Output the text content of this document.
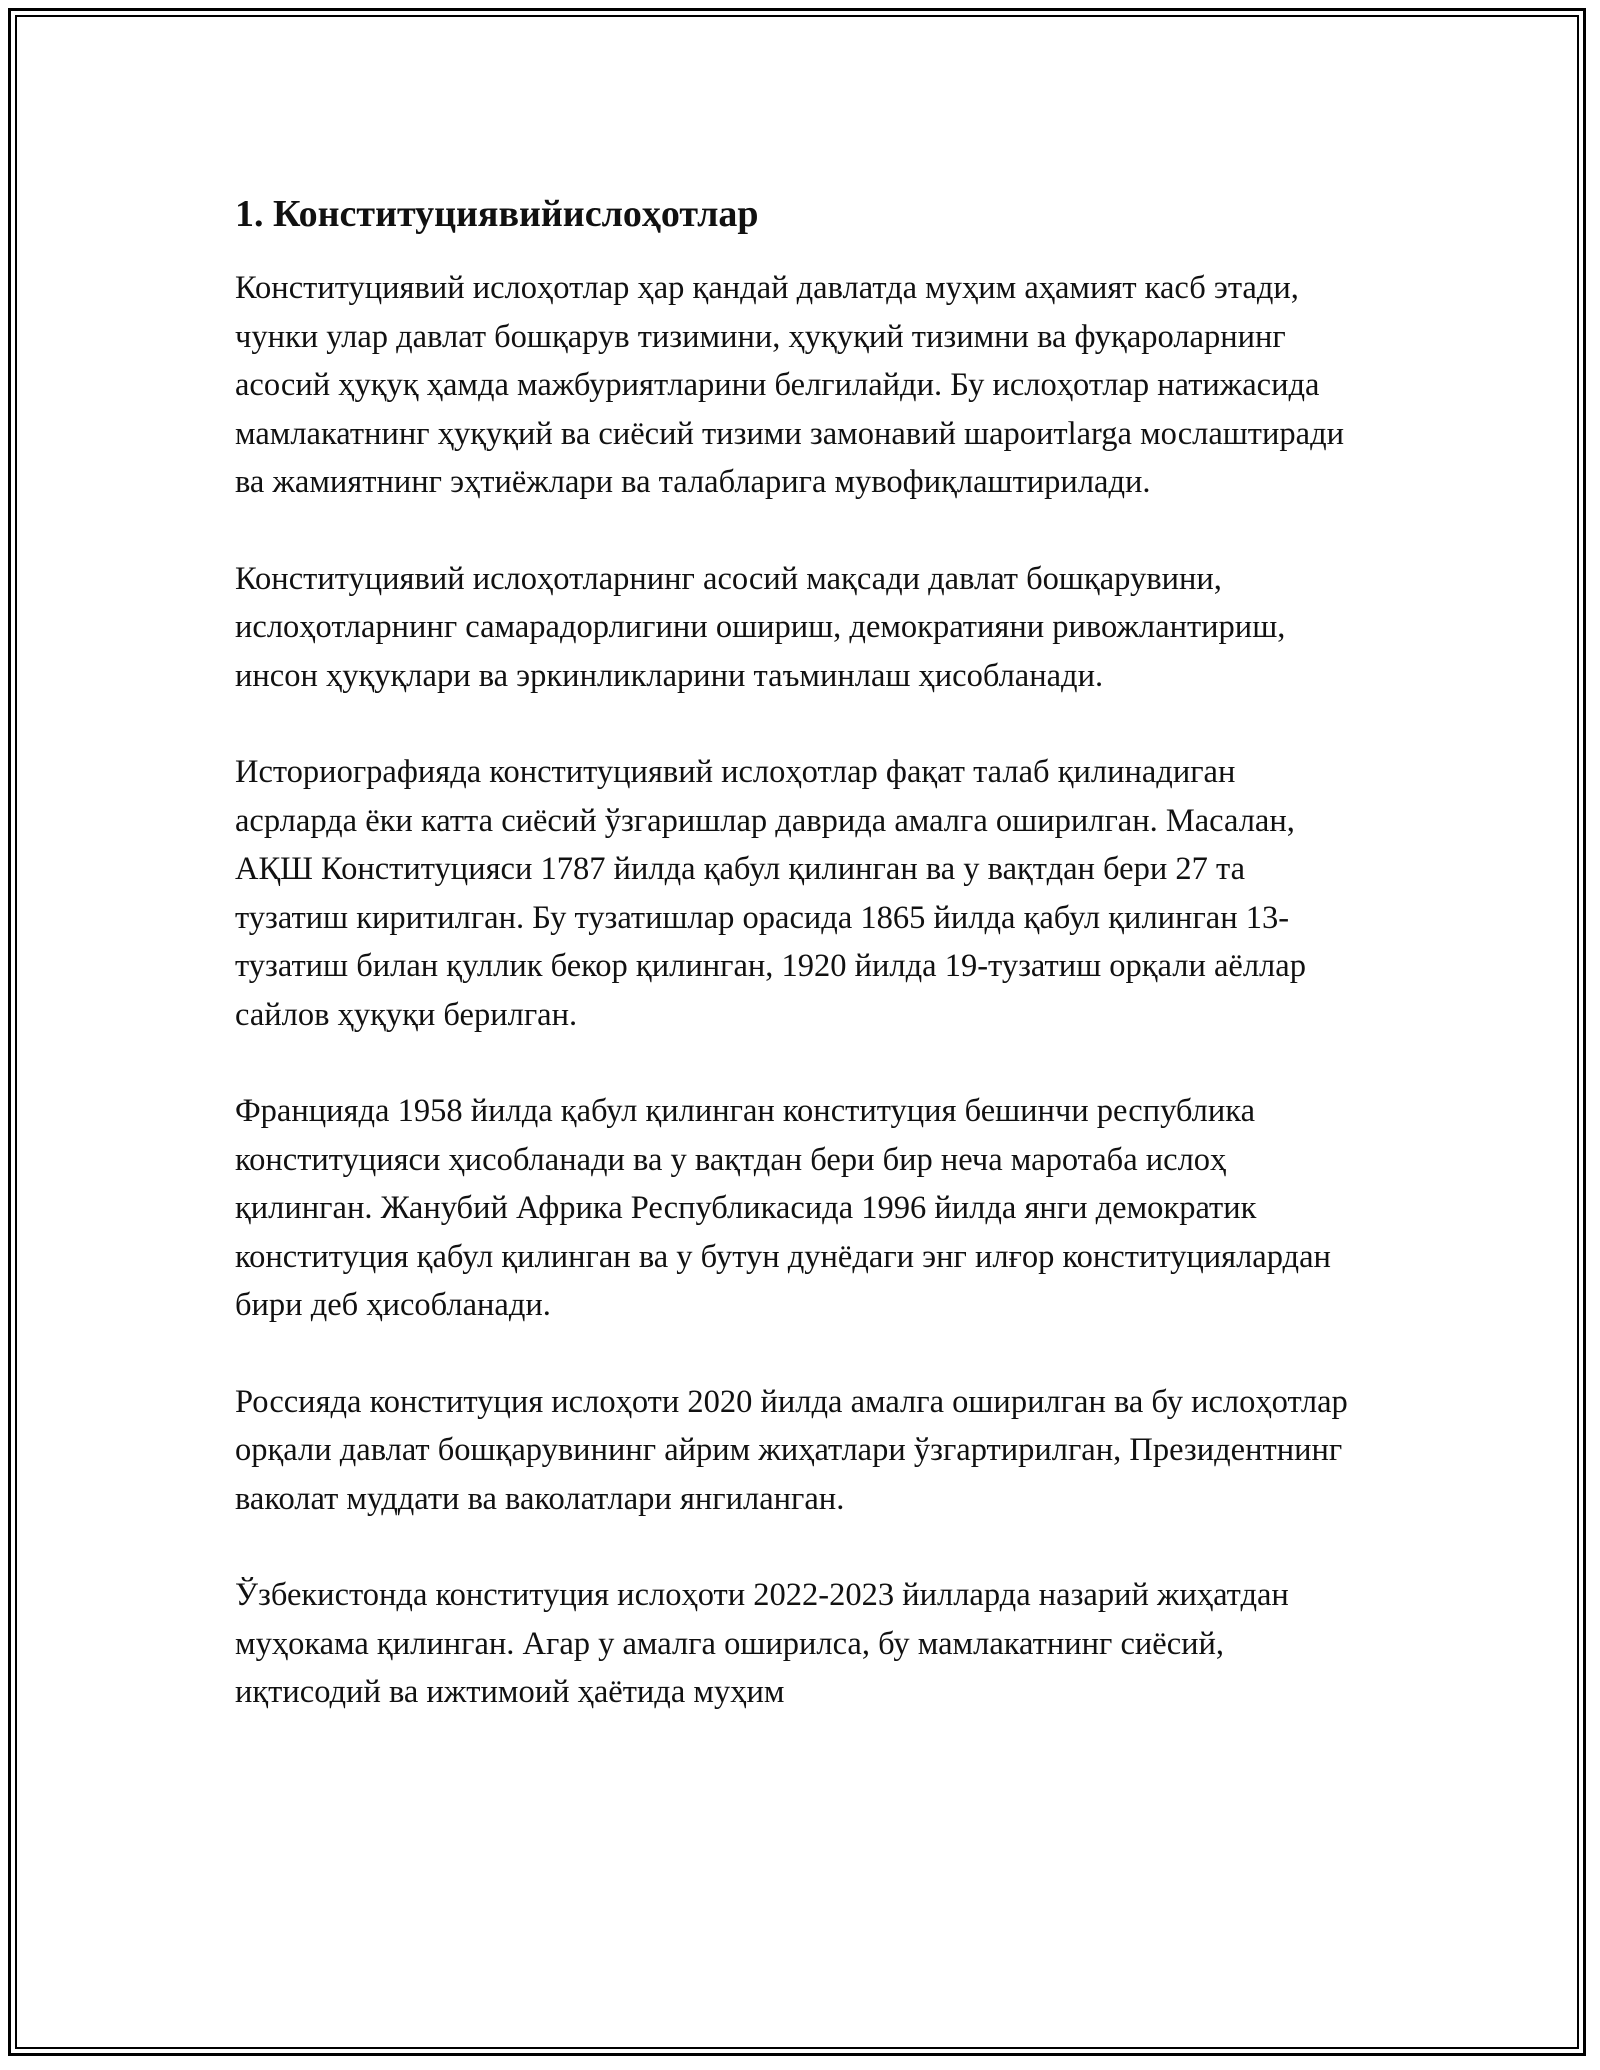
1. Конституциявийислоҳотлар

Конституциявий ислоҳотлар ҳар қандай давлатда муҳим аҳамият касб этади, чунки улар давлат бошқарув тизимини, ҳуқуқий тизимни ва фуқароларнинг асосий ҳуқуқ ҳамда мажбуриятларини белгилайди. Бу ислоҳотлар натижасида мамлакатнинг ҳуқуқий ва сиёсий тизими замонавий шароитlarga мослаштиради ва жамиятнинг эҳтиёжлари ва талабларига мувофиқлаштирилади.

Конституциявий ислоҳотларнинг асосий мақсади давлат бошқарувини, ислоҳотларнинг самарадорлигини ошириш, демократияни ривожлантириш, инсон ҳуқуқлари ва эркинликларини таъминлаш ҳисобланади.

Историографияда конституциявий ислоҳотлар фақат талаб қилинадиган асрларда ёки катта сиёсий ўзгаришлар даврида амалга оширилган. Масалан, АҚШ Конституцияси 1787 йилда қабул қилинган ва у вақтдан бери 27 та тузатиш киритилган. Бу тузатишлар орасида 1865 йилда қабул қилинган 13-тузатиш билан қуллик бекор қилинган, 1920 йилда 19-тузатиш орқали аёллар сайлов ҳуқуқи берилган.

Францияда 1958 йилда қабул қилинган конституция бешинчи республика конституцияси ҳисобланади ва у вақтдан бери бир неча маротаба ислоҳ қилинган. Жанубий Африка Республикасида 1996 йилда янги демократик конституция қабул қилинган ва у бутун дунёдаги энг илғор конституциялардан бири деб ҳисобланади.

Россияда конституция ислоҳоти 2020 йилда амалга оширилган ва бу ислоҳотлар орқали давлат бошқарувининг айрим жиҳатлари ўзгартирилган, Президентнинг ваколат муддати ва ваколатлари янгиланган.

Ўзбекистонда конституция ислоҳоти 2022-2023 йилларда назарий жиҳатдан муҳокама қилинган. Агар у амалга оширилса, бу мамлакатнинг сиёсий, иқтисодий ва ижтимоий ҳаётида муҳим
